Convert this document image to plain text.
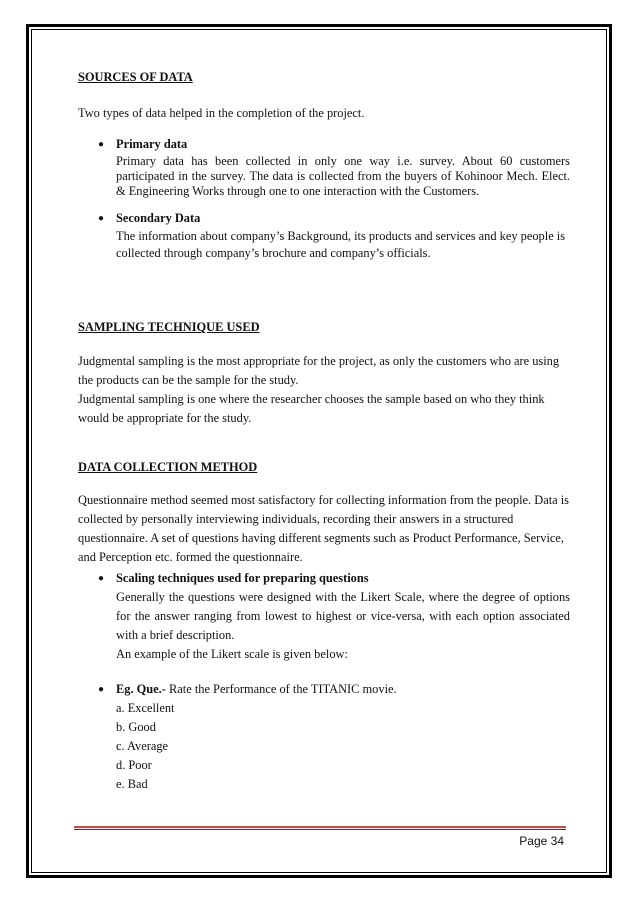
SOURCES OF DATA

Two types of data helped in the completion of the project.

● Primary data
Primary data has been collected in only one way i.e. survey. About 60 customers participated in the survey. The data is collected from the buyers of Kohinoor Mech. Elect. & Engineering Works through one to one interaction with the Customers.
● Secondary Data
The information about company’s Background, its products and services and key people is collected through company’s brochure and company’s officials.

SAMPLING TECHNIQUE USED

Judgmental sampling is the most appropriate for the project, as only the customers who are using the products can be the sample for the study.

Judgmental sampling is one where the researcher chooses the sample based on who they think would be appropriate for the study.

DATA COLLECTION METHOD

Questionnaire method seemed most satisfactory for collecting information from the people. Data is collected by personally interviewing individuals, recording their answers in a structured questionnaire. A set of questions having different segments such as Product Performance, Service, and Perception etc. formed the questionnaire.

● Scaling techniques used for preparing questions
Generally the questions were designed with the Likert Scale, where the degree of options for the answer ranging from lowest to highest or vice-versa, with each option associated with a brief description.
An example of the Likert scale is given below:
● Eg. Que.- Rate the Performance of the TITANIC movie.
a. Excellent
b. Good
c. Average
d. Poor
e. Bad
Page 34
